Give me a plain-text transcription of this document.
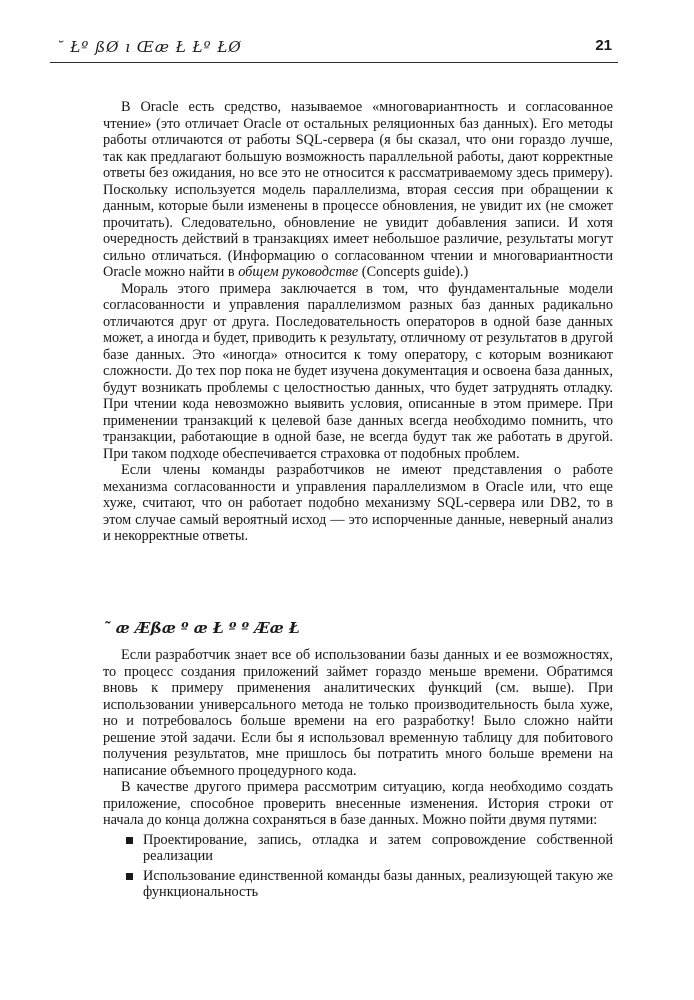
˘ Łº ßØ ı Œæ Ł Łº ŁØ	21

В Oracle есть средство, называемое «многовариантность и согласованное чтение» (это отличает Oracle от остальных реляционных баз данных). Его методы работы отличаются от работы SQL-сервера (я бы сказал, что они гораздо лучше, так как предлагают большую возможность параллельной работы, дают корректные ответы без ожидания, но все это не относится к рассматриваемому здесь примеру). Поскольку используется модель параллелизма, вторая сессия при обращении к данным, которые были изменены в процессе обновления, не увидит их (не сможет прочитать). Следовательно, обновление не увидит добавления записи. И хотя очередность действий в транзакциях имеет небольшое различие, результаты могут сильно отличаться. (Информацию о согласованном чтении и многовариантности Oracle можно найти в общем руководстве (Concepts guide).)

Мораль этого примера заключается в том, что фундаментальные модели согласованности и управления параллелизмом разных баз данных радикально отличаются друг от друга. Последовательность операторов в одной базе данных может, а иногда и будет, приводить к результату, отличному от результатов в другой базе данных. Это «иногда» относится к тому оператору, с которым возникают сложности. До тех пор пока не будет изучена документация и освоена база данных, будут возникать проблемы с целостностью данных, что будет затруднять отладку. При чтении кода невозможно выявить условия, описанные в этом примере. При применении транзакций к целевой базе данных всегда необходимо помнить, что транзакции, работающие в одной базе, не всегда будут так же работать в другой. При таком подходе обеспечивается страховка от подобных проблем.

Если члены команды разработчиков не имеют представления о работе механизма согласованности и управления параллелизмом в Oracle или, что еще хуже, считают, что он работает подобно механизму SQL-сервера или DB2, то в этом случае самый вероятный исход — это испорченные данные, неверный анализ и некорректные ответы.

˜ æ Æßæ º æ Ł º º Ææ Ł

Если разработчик знает все об использовании базы данных и ее возможностях, то процесс создания приложений займет гораздо меньше времени. Обратимся вновь к примеру применения аналитических функций (см. выше). При использовании универсального метода не только производительность была хуже, но и потребовалось больше времени на его разработку! Было сложно найти решение этой задачи. Если бы я использовал временную таблицу для побитового получения результатов, мне пришлось бы потратить много больше времени на написание объемного процедурного кода.

В качестве другого примера рассмотрим ситуацию, когда необходимо создать приложение, способное проверить внесенные изменения. История строки от начала до конца должна сохраняться в базе данных. Можно пойти двумя путями:

Проектирование, запись, отладка и затем сопровождение собственной реализации
Использование единственной команды базы данных, реализующей такую же функциональность
